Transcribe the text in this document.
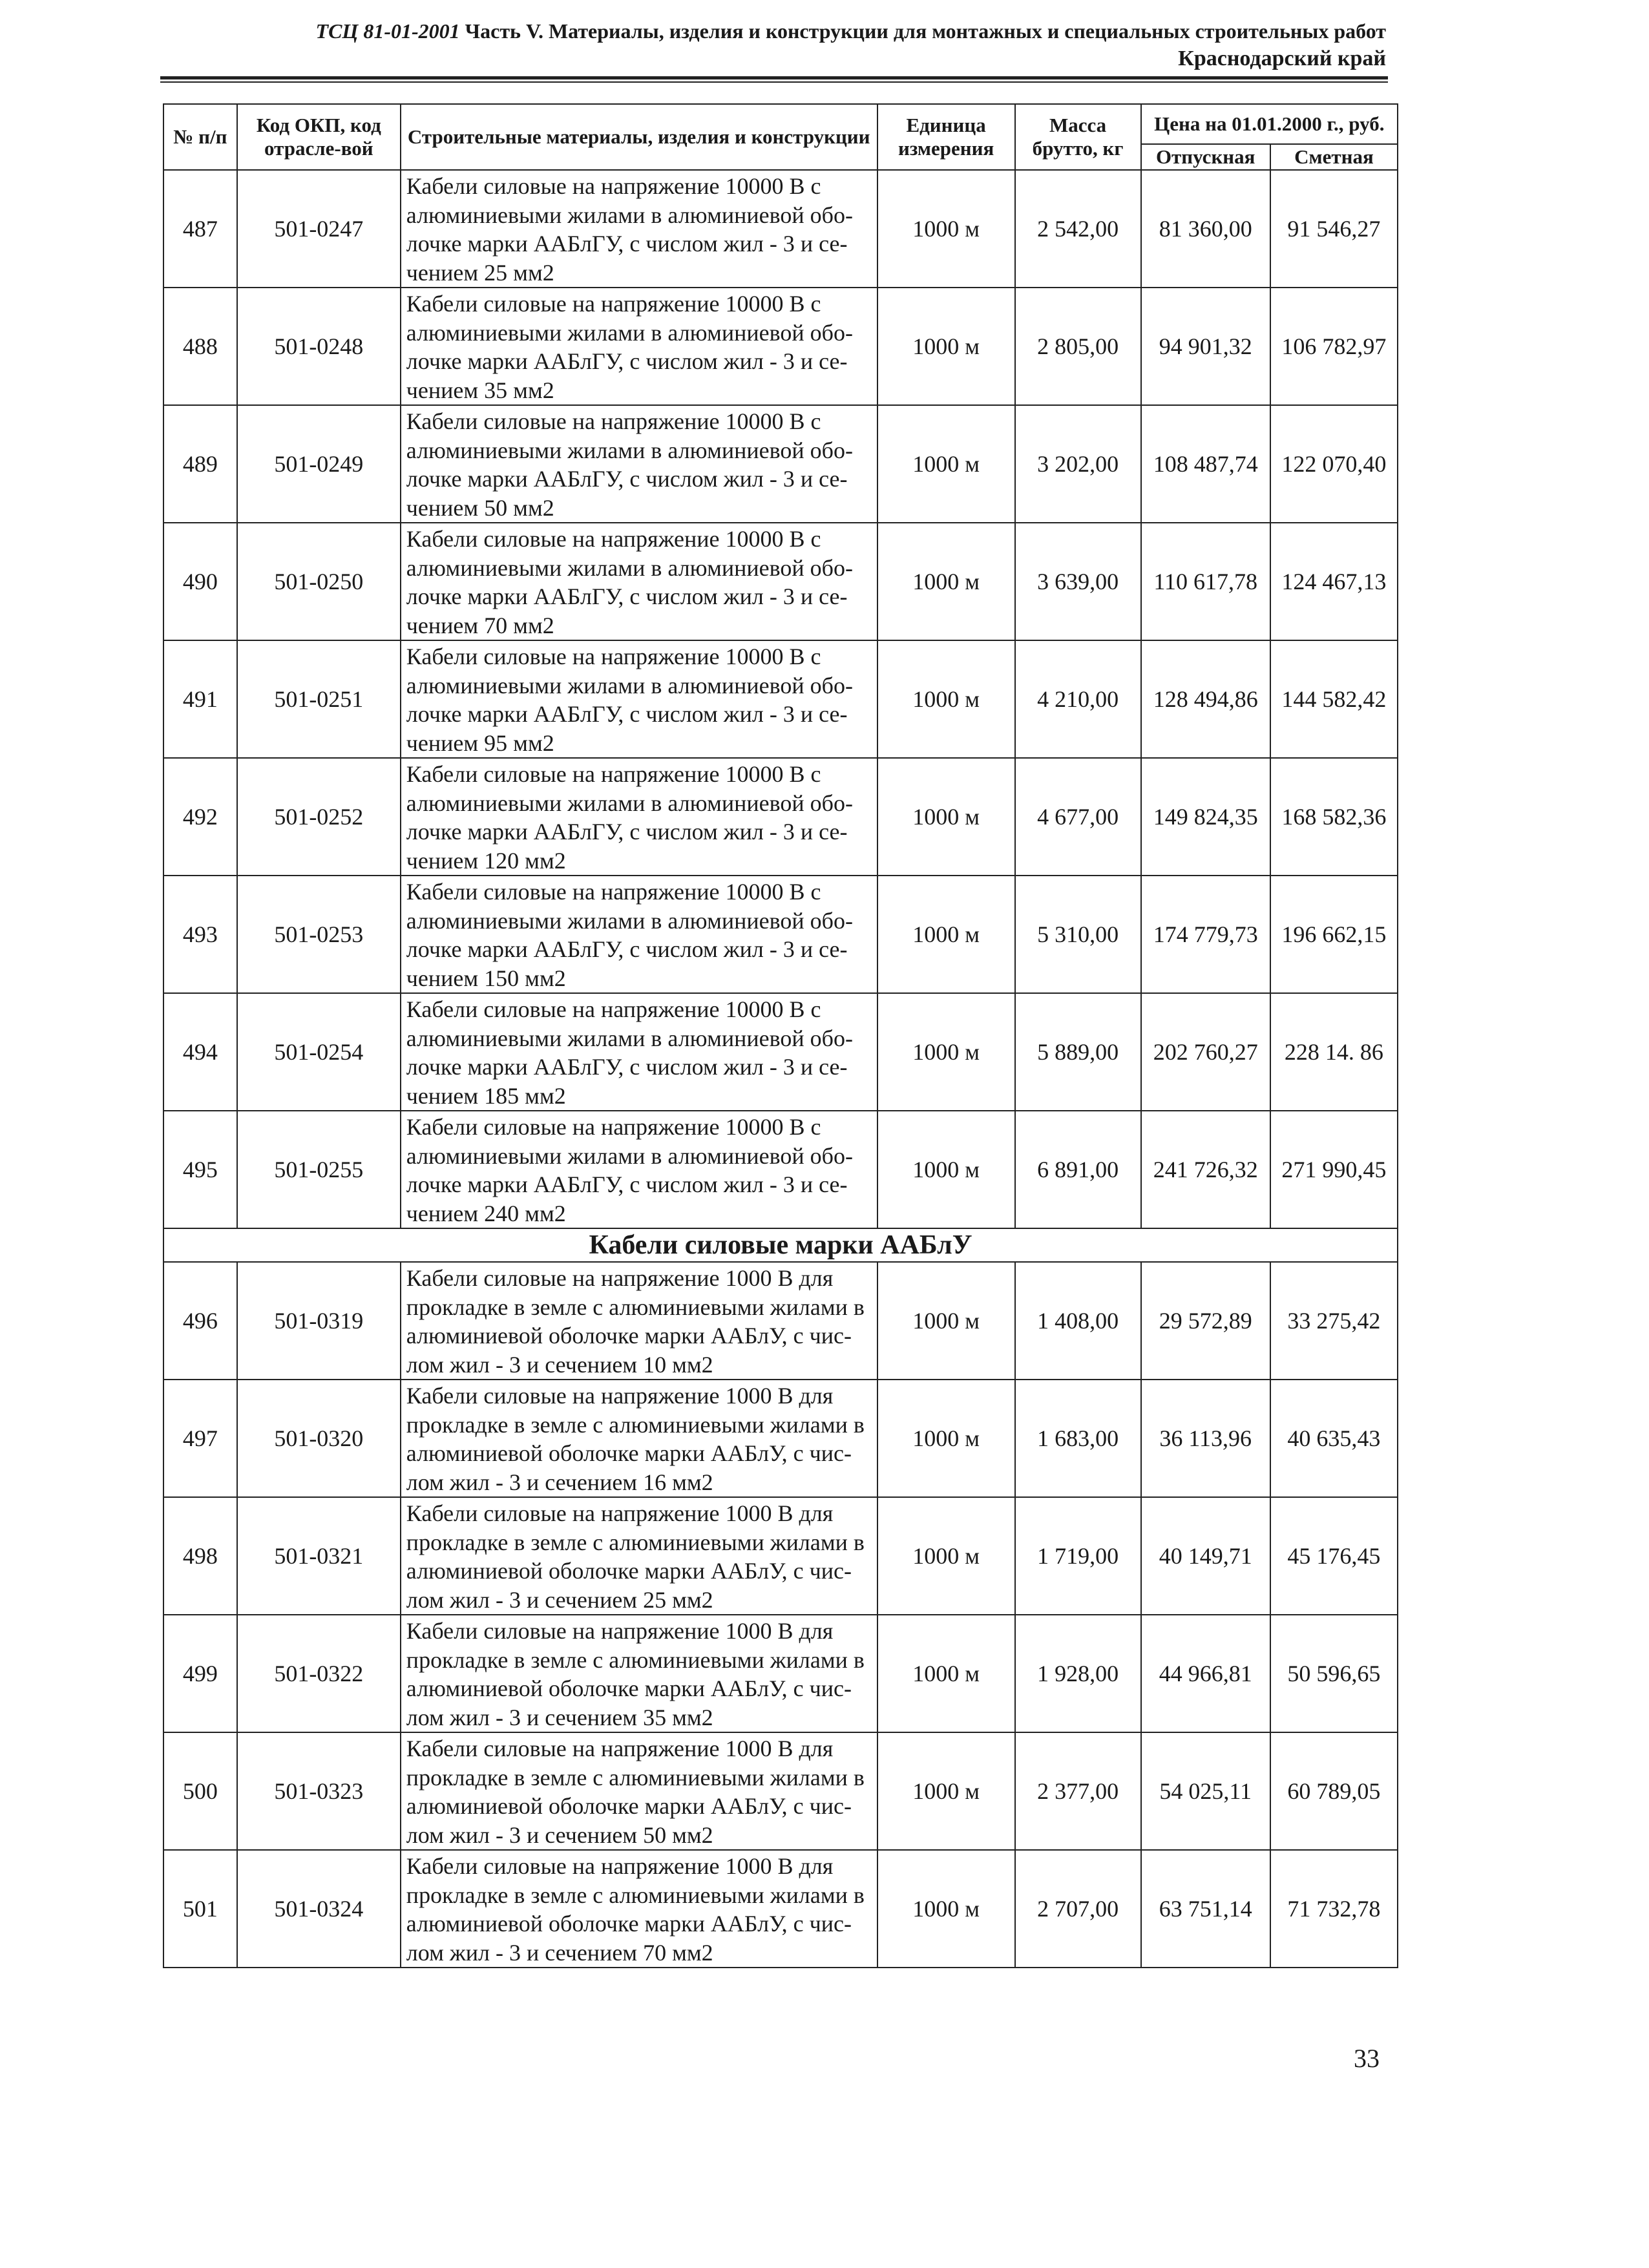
ТСЦ 81-01-2001 Часть V. Материалы, изделия и конструкции для монтажных и специальных строительных работ
Краснодарский край
№ п/п	Код ОКП, код отрасле-вой	Строительные материалы, изделия и конструкции	Единица измерения	Масса брутто, кг	Цена на 01.01.2000 г., руб.	
					Отпускная	Сметная
487	501-0247	Кабели силовые на напряжение 10000 В с алюминиевыми жилами в алюминиевой обо-лочке марки ААБлГУ, с числом жил - 3 и се-чением 25 мм2	1000 м	2 542,00	81 360,00	91 546,27
488	501-0248	Кабели силовые на напряжение 10000 В с алюминиевыми жилами в алюминиевой обо-лочке марки ААБлГУ, с числом жил - 3 и се-чением 35 мм2	1000 м	2 805,00	94 901,32	106 782,97
489	501-0249	Кабели силовые на напряжение 10000 В с алюминиевыми жилами в алюминиевой обо-лочке марки ААБлГУ, с числом жил - 3 и се-чением 50 мм2	1000 м	3 202,00	108 487,74	122 070,40
490	501-0250	Кабели силовые на напряжение 10000 В с алюминиевыми жилами в алюминиевой обо-лочке марки ААБлГУ, с числом жил - 3 и се-чением 70 мм2	1000 м	3 639,00	110 617,78	124 467,13
491	501-0251	Кабели силовые на напряжение 10000 В с алюминиевыми жилами в алюминиевой обо-лочке марки ААБлГУ, с числом жил - 3 и се-чением 95 мм2	1000 м	4 210,00	128 494,86	144 582,42
492	501-0252	Кабели силовые на напряжение 10000 В с алюминиевыми жилами в алюминиевой обо-лочке марки ААБлГУ, с числом жил - 3 и се-чением 120 мм2	1000 м	4 677,00	149 824,35	168 582,36
493	501-0253	Кабели силовые на напряжение 10000 В с алюминиевыми жилами в алюминиевой обо-лочке марки ААБлГУ, с числом жил - 3 и се-чением 150 мм2	1000 м	5 310,00	174 779,73	196 662,15
494	501-0254	Кабели силовые на напряжение 10000 В с алюминиевыми жилами в алюминиевой обо-лочке марки ААБлГУ, с числом жил - 3 и се-чением 185 мм2	1000 м	5 889,00	202 760,27	228 14. 86
495	501-0255	Кабели силовые на напряжение 10000 В с алюминиевыми жилами в алюминиевой обо-лочке марки ААБлГУ, с числом жил - 3 и се-чением 240 мм2	1000 м	6 891,00	241 726,32	271 990,45
Кабели силовые марки ААБлУ						
496	501-0319	Кабели силовые на напряжение 1000 В для прокладке в земле с алюминиевыми жилами в алюминиевой оболочке марки ААБлУ, с чис-лом жил - 3 и сечением 10 мм2	1000 м	1 408,00	29 572,89	33 275,42
497	501-0320	Кабели силовые на напряжение 1000 В для прокладке в земле с алюминиевыми жилами в алюминиевой оболочке марки ААБлУ, с чис-лом жил - 3 и сечением 16 мм2	1000 м	1 683,00	36 113,96	40 635,43
498	501-0321	Кабели силовые на напряжение 1000 В для прокладке в земле с алюминиевыми жилами в алюминиевой оболочке марки ААБлУ, с чис-лом жил - 3 и сечением 25 мм2	1000 м	1 719,00	40 149,71	45 176,45
499	501-0322	Кабели силовые на напряжение 1000 В для прокладке в земле с алюминиевыми жилами в алюминиевой оболочке марки ААБлУ, с чис-лом жил - 3 и сечением 35 мм2	1000 м	1 928,00	44 966,81	50 596,65
500	501-0323	Кабели силовые на напряжение 1000 В для прокладке в земле с алюминиевыми жилами в алюминиевой оболочке марки ААБлУ, с чис-лом жил - 3 и сечением 50 мм2	1000 м	2 377,00	54 025,11	60 789,05
501	501-0324	Кабели силовые на напряжение 1000 В для прокладке в земле с алюминиевыми жилами в алюминиевой оболочке марки ААБлУ, с чис-лом жил - 3 и сечением 70 мм2	1000 м	2 707,00	63 751,14	71 732,78
33
